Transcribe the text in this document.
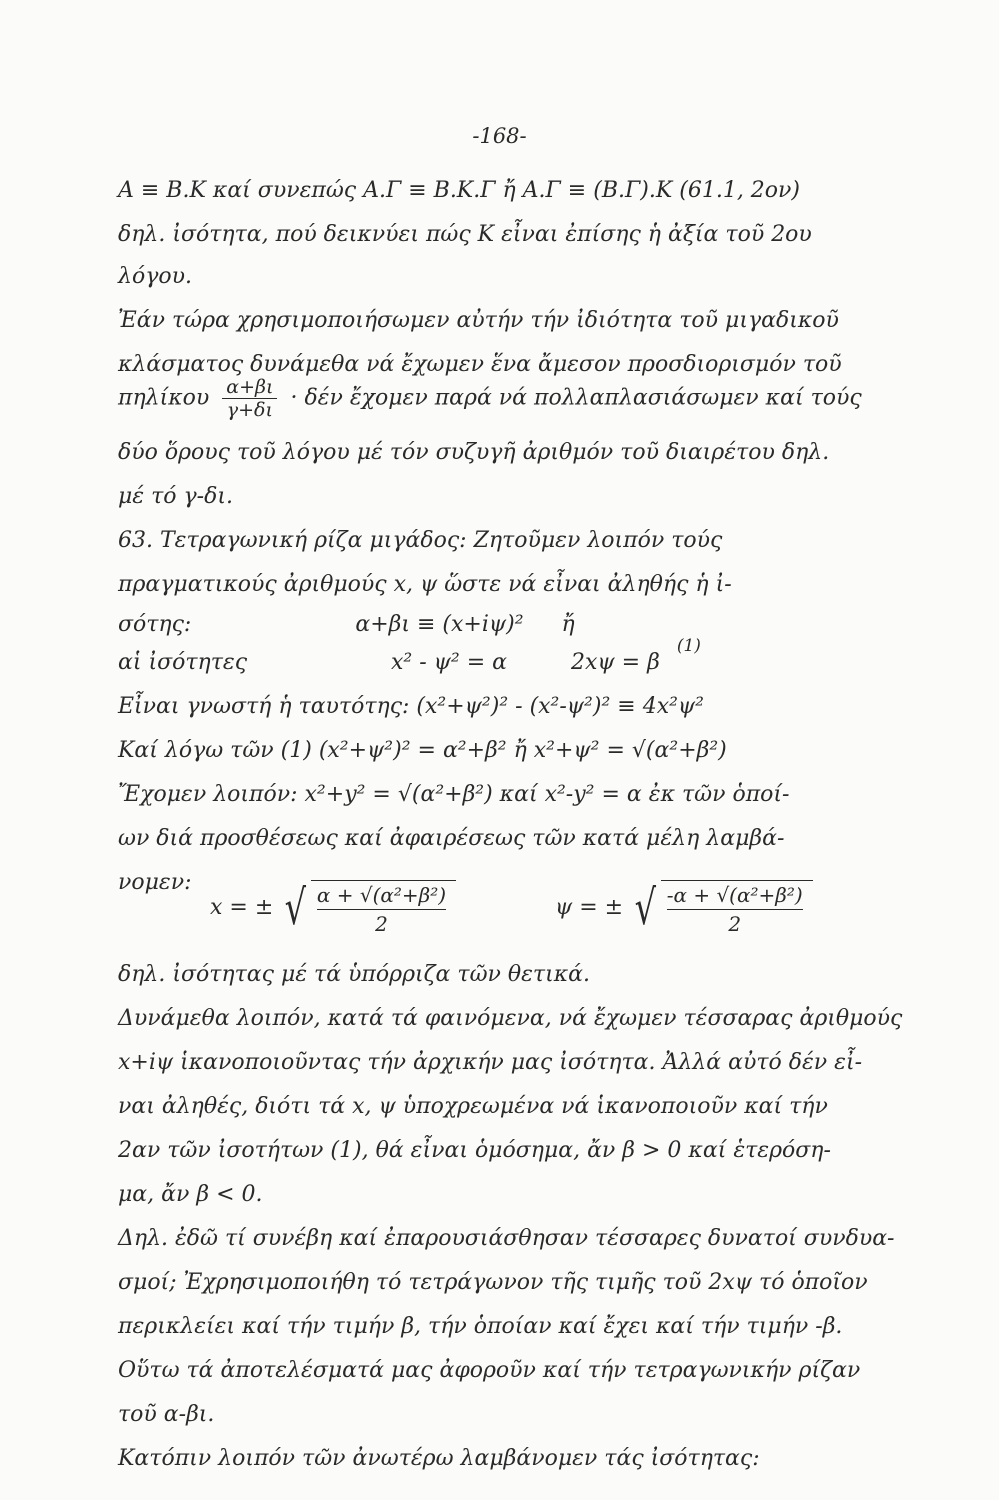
-168-
A ≡ B.K καί συνεπώς A.Γ ≡ B.K.Γ ἤ A.Γ ≡ (B.Γ).K (61.1, 2ον)
δηλ. ἰσότητα, πού δεικνύει πώς K εἶναι ἐπίσης ἡ ἀξία τοῦ 2ου
λόγου.
Ἐάν τώρα χρησιμοποιήσωμεν αὐτήν τήν ἰδιότητα τοῦ μιγαδικοῦ
κλάσματος δυνάμεθα νά ἔχωμεν ἕνα ἄμεσον προσδιορισμόν τοῦ
πηλίκου $\frac{\alpha+\beta\iota}{\gamma+\delta\iota} \cdot \delta έ\nu$ ἔχομεν παρά νά πολλαπλασιάσωμεν καί τούς
δύο ὅρους τοῦ λόγου μέ τόν συζυγῆ ἀριθμόν τοῦ διαιρέτου δηλ.
μέ τό γ-δι.
63. Τετραγωνική ρίζα μιγάδος: Ζητοῦμεν λοιπόν τούς
πραγματικούς ἀριθμούς x, ψ ὥστε νά εἶναι ἀληθής ἡ ἰ-
σότης:	α+βι ≡ (x+iψ)² ἤ
αἱ ἰσότητες	x² - ψ² = α	2xψ = β $^{(1)}$
Εἶναι γνωστή ἡ ταυτότης: (x²+ψ²)² - (x²-ψ²)² ≡ 4x²ψ²
Καί λόγω τῶν (1) (x²+ψ²)² = α²+β² ἤ x²+ψ² = √(α²+β²)
Ἔχομεν λοιπόν: x²+y² = √(α²+β²) καί x²-y² = α ἐκ τῶν ὁποί-
ων διά προσθέσεως καί ἀφαιρέσεως τῶν κατά μέλη λαμβά-
νομεν:
x = ± √ $\frac{\text{α + √(α²+β²)}}{2}$	ψ = ± √ $\frac{\text{-α + √(α²+β²)}}{2}$
δηλ. ἰσότητας μέ τά ὑπόρριζα τῶν θετικά.
Δυνάμεθα λοιπόν, κατά τά φαινόμενα, νά ἔχωμεν τέσσαρας ἀριθμούς
x+iψ ἱκανοποιοῦντας τήν ἀρχικήν μας ἰσότητα. Ἀλλά αὐτό δέν εἶ-
ναι ἀληθές, διότι τά x, ψ ὑποχρεωμένα νά ἱκανοποιοῦν καί τήν
2αν τῶν ἰσοτήτων (1), θά εἶναι ὁμόσημα, ἄν β > 0 καί ἑτερόση-
μα, ἄν β < 0.
Δηλ. ἐδῶ τί συνέβη καί ἐπαρουσιάσθησαν τέσσαρες δυνατοί συνδυα-
σμοί; Ἐχρησιμοποιήθη τό τετράγωνον τῆς τιμῆς τοῦ 2xψ τό ὁποῖον
περικλείει καί τήν τιμήν β, τήν ὁποίαν καί ἔχει καί τήν τιμήν -β.
Οὕτω τά ἀποτελέσματά μας ἀφοροῦν καί τήν τετραγωνικήν ρίζαν
τοῦ α-βι.
Κατόπιν λοιπόν τῶν ἀνωτέρω λαμβάνομεν τάς ἰσότητας:
